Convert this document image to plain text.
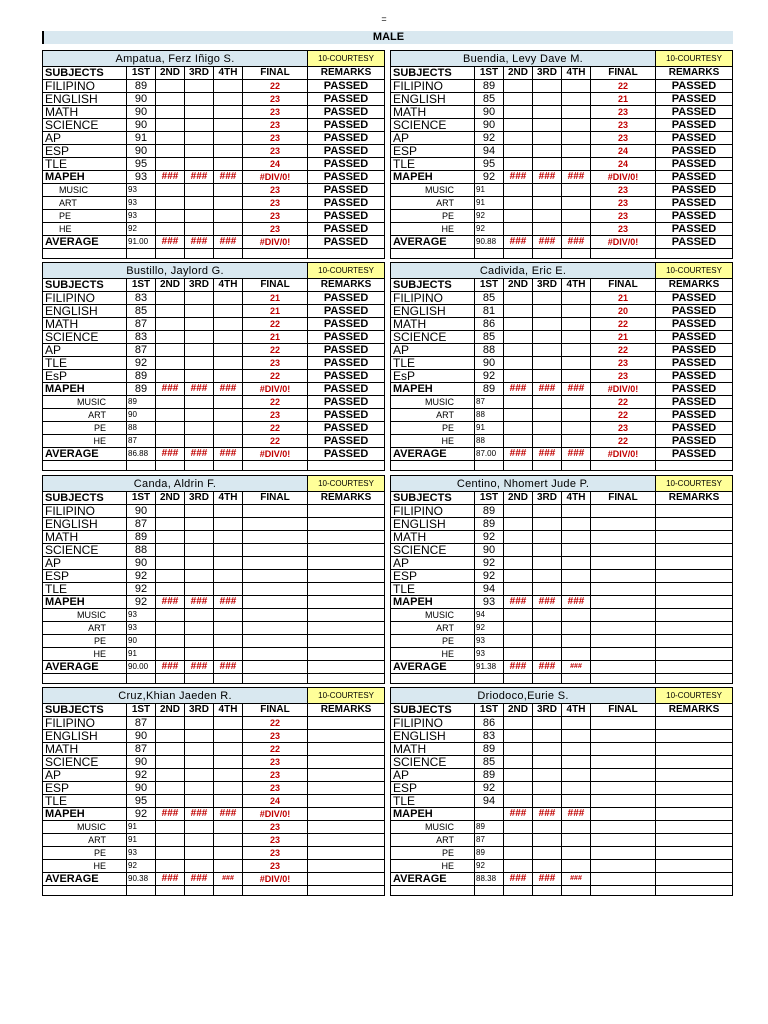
=
MALE
Ampatua, Ferz Iñigo S.						10-COURTESY
SUBJECTS	1ST	2ND	3RD	4TH	FINAL	REMARKS
FILIPINO	89				22	PASSED
ENGLISH	90				23	PASSED
MATH	90				23	PASSED
SCIENCE	90				23	PASSED
AP	91				23	PASSED
ESP	90				23	PASSED
TLE	95				24	PASSED
MAPEH	93	###	###	###	#DIV/0!	PASSED
MUSIC	93				23	PASSED
ART	93				23	PASSED
PE	93				23	PASSED
HE	92				23	PASSED
AVERAGE	91.00	###	###	###	#DIV/0!	PASSED

Buendia, Levy Dave M.						10-COURTESY
SUBJECTS	1ST	2ND	3RD	4TH	FINAL	REMARKS
FILIPINO	89				22	PASSED
ENGLISH	85				21	PASSED
MATH	90				23	PASSED
SCIENCE	90				23	PASSED
AP	92				23	PASSED
ESP	94				24	PASSED
TLE	95				24	PASSED
MAPEH	92	###	###	###	#DIV/0!	PASSED
MUSIC	91				23	PASSED
ART	91				23	PASSED
PE	92				23	PASSED
HE	92				23	PASSED
AVERAGE	90.88	###	###	###	#DIV/0!	PASSED

Bustillo, Jaylord G.						10-COURTESY
SUBJECTS	1ST	2ND	3RD	4TH	FINAL	REMARKS
FILIPINO	83				21	PASSED
ENGLISH	85				21	PASSED
MATH	87				22	PASSED
SCIENCE	83				21	PASSED
AP	87				22	PASSED
TLE	92				23	PASSED
EsP	89				22	PASSED
MAPEH	89	###	###	###	#DIV/0!	PASSED
MUSIC	89				22	PASSED
ART	90				23	PASSED
PE	88				22	PASSED
HE	87				22	PASSED
AVERAGE	86.88	###	###	###	#DIV/0!	PASSED

Cadivida, Eric E.						10-COURTESY
SUBJECTS	1ST	2ND	3RD	4TH	FINAL	REMARKS
FILIPINO	85				21	PASSED
ENGLISH	81				20	PASSED
MATH	86				22	PASSED
SCIENCE	85				21	PASSED
AP	88				22	PASSED
TLE	90				23	PASSED
EsP	92				23	PASSED
MAPEH	89	###	###	###	#DIV/0!	PASSED
MUSIC	87				22	PASSED
ART	88				22	PASSED
PE	91				23	PASSED
HE	88				22	PASSED
AVERAGE	87.00	###	###	###	#DIV/0!	PASSED

Canda, Aldrin F.						10-COURTESY
SUBJECTS	1ST	2ND	3RD	4TH	FINAL	REMARKS
FILIPINO	90					
ENGLISH	87					
MATH	89					
SCIENCE	88					
AP	90					
ESP	92					
TLE	92					
MAPEH	92	###	###	###		
MUSIC	93					
ART	93					
PE	90					
HE	91					
AVERAGE	90.00	###	###	###		

Centino, Nhomert Jude P.						10-COURTESY
SUBJECTS	1ST	2ND	3RD	4TH	FINAL	REMARKS
FILIPINO	89					
ENGLISH	89					
MATH	92					
SCIENCE	90					
AP	92					
ESP	92					
TLE	94					
MAPEH	93	###	###	###		
MUSIC	94					
ART	92					
PE	93					
HE	93					
AVERAGE	91.38	###	###	###		

Cruz,Khian Jaeden R.						10-COURTESY
SUBJECTS	1ST	2ND	3RD	4TH	FINAL	REMARKS
FILIPINO	87				22	
ENGLISH	90				23	
MATH	87				22	
SCIENCE	90				23	
AP	92				23	
ESP	90				23	
TLE	95				24	
MAPEH	92	###	###	###	#DIV/0!	
MUSIC	91				23	
ART	91				23	
PE	93				23	
HE	92				23	
AVERAGE	90.38	###	###	###	#DIV/0!	

Driodoco,Eurie S.						10-COURTESY
SUBJECTS	1ST	2ND	3RD	4TH	FINAL	REMARKS
FILIPINO	86					
ENGLISH	83					
MATH	89					
SCIENCE	85					
AP	89					
ESP	92					
TLE	94					
MAPEH		###	###	###		
MUSIC	89					
ART	87					
PE	89					
HE	92					
AVERAGE	88.38	###	###	###		
